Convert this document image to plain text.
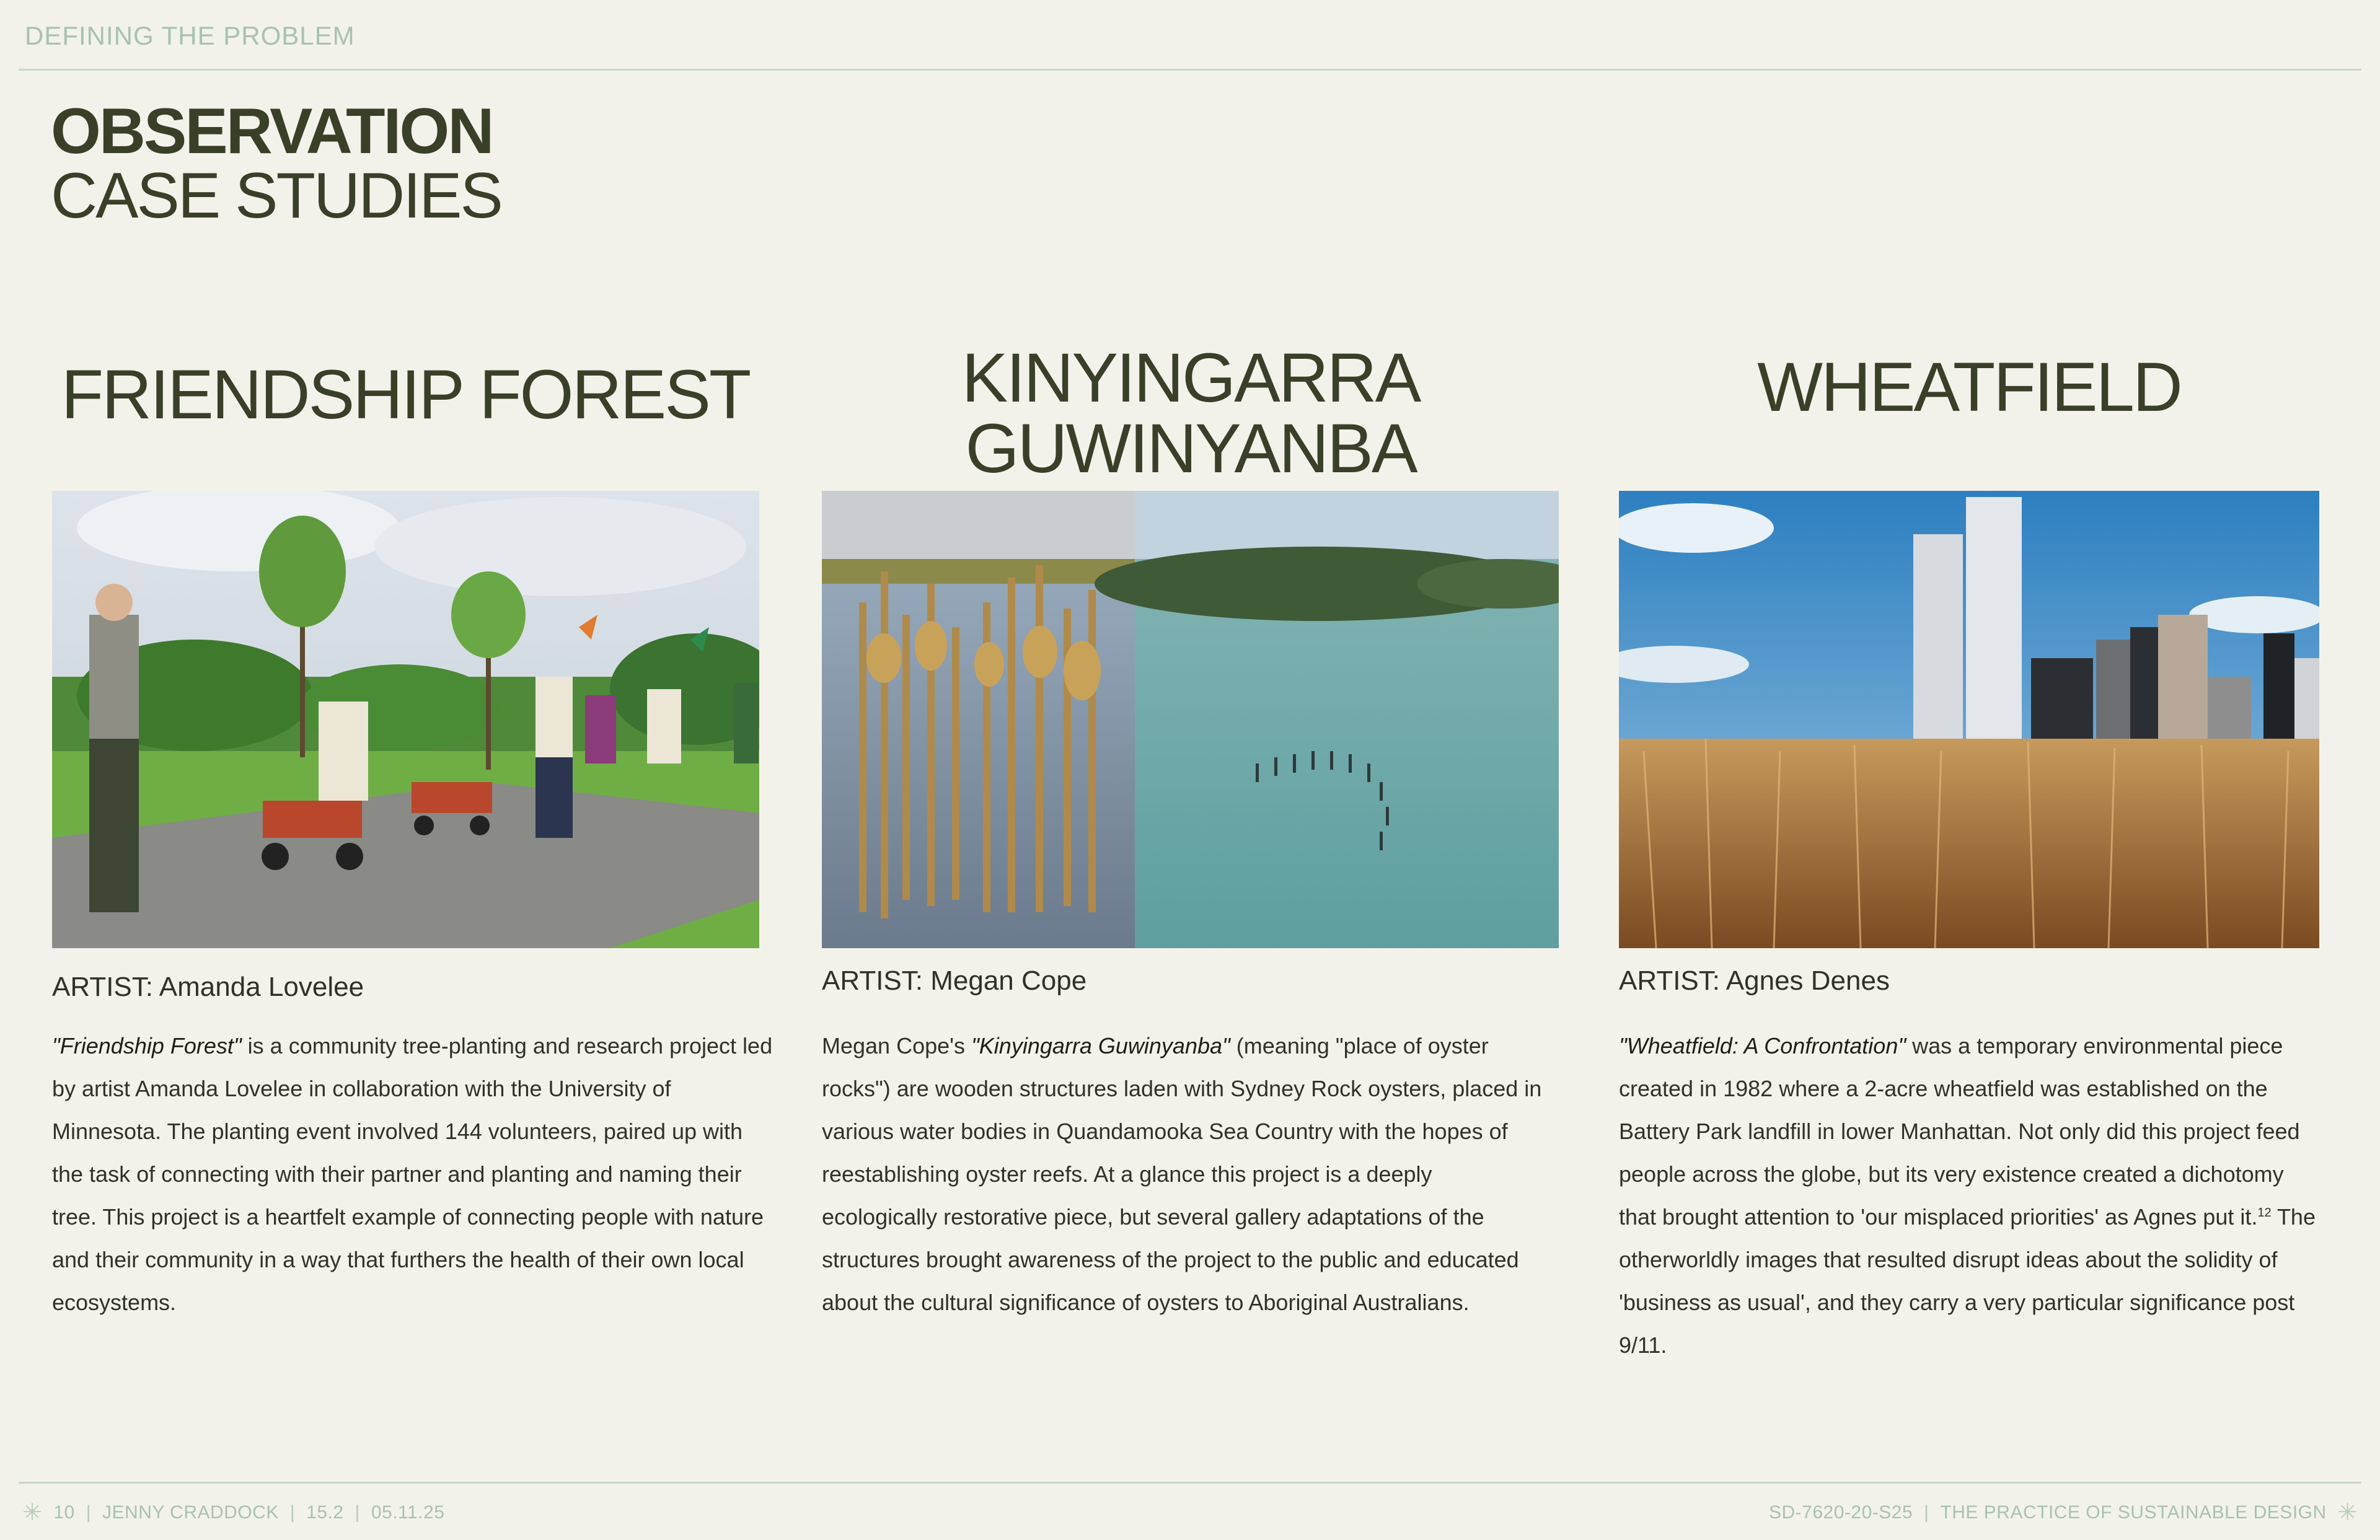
DEFINING THE PROBLEM
OBSERVATION
CASE STUDIES
FRIENDSHIP FOREST
ARTIST: Amanda Lovelee
"Friendship Forest" is a community tree-planting and research project led by artist Amanda Lovelee in collaboration with the University of Minnesota. The planting event involved 144 volunteers, paired up with the task of connecting with their partner and planting and naming their tree. This project is a heartfelt example of connecting people with nature and their community in a way that furthers the health of their own local ecosystems.
KINYINGARRA
GUWINYANBA
ARTIST: Megan Cope
Megan Cope's "Kinyingarra Guwinyanba" (meaning "place of oyster rocks") are wooden structures laden with Sydney Rock oysters, placed in various water bodies in Quandamooka Sea Country with the hopes of reestablishing oyster reefs. At a glance this project is a deeply ecologically restorative piece, but several gallery adaptations of the structures brought awareness of the project to the public and educated about the cultural significance of oysters to Aboriginal Australians.
WHEATFIELD
ARTIST: Agnes Denes
"Wheatfield: A Confrontation" was a temporary environmental piece created in 1982 where a 2-acre wheatfield was established on the Battery Park landfill in lower Manhattan. Not only did this project feed people across the globe, but its very existence created a dichotomy that brought attention to 'our misplaced priorities' as Agnes put it.$^{12}$ The otherworldly images that resulted disrupt ideas about the solidity of 'business as usual', and they carry a very particular significance post 9/11.
✳ 10 | JENNY CRADDOCK | 15.2 | 05.11.25	SD-7620-20-S25 | THE PRACTICE OF SUSTAINABLE DESIGN ✳
